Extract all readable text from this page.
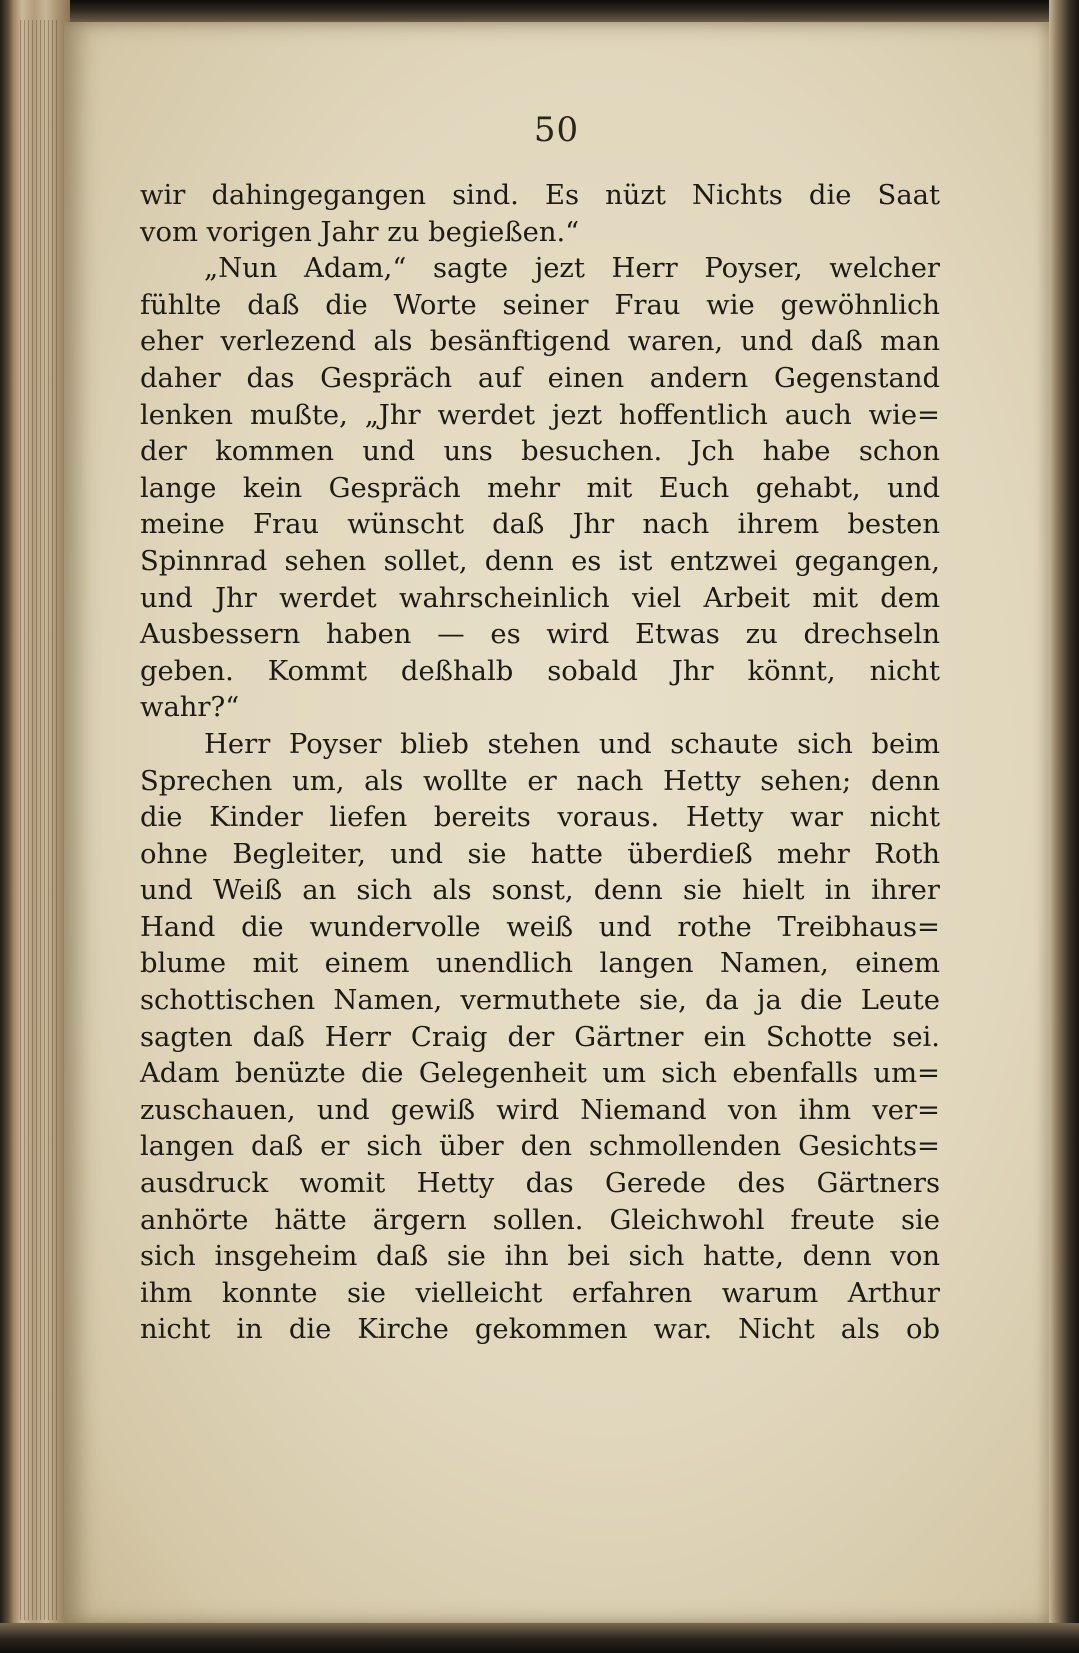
50
wir dahingegangen sind. Es nüzt Nichts die Saat
vom vorigen Jahr zu begießen.“
„Nun Adam,“ sagte jezt Herr Poyser, welcher
fühlte daß die Worte seiner Frau wie gewöhnlich
eher verlezend als besänftigend waren, und daß man
daher das Gespräch auf einen andern Gegenstand
lenken mußte, „Jhr werdet jezt hoffentlich auch wie=
der kommen und uns besuchen. Jch habe schon
lange kein Gespräch mehr mit Euch gehabt, und
meine Frau wünscht daß Jhr nach ihrem besten
Spinnrad sehen sollet, denn es ist entzwei gegangen,
und Jhr werdet wahrscheinlich viel Arbeit mit dem
Ausbessern haben — es wird Etwas zu drechseln
geben. Kommt deßhalb sobald Jhr könnt, nicht
wahr?“
Herr Poyser blieb stehen und schaute sich beim
Sprechen um, als wollte er nach Hetty sehen; denn
die Kinder liefen bereits voraus. Hetty war nicht
ohne Begleiter, und sie hatte überdieß mehr Roth
und Weiß an sich als sonst, denn sie hielt in ihrer
Hand die wundervolle weiß und rothe Treibhaus=
blume mit einem unendlich langen Namen, einem
schottischen Namen, vermuthete sie, da ja die Leute
sagten daß Herr Craig der Gärtner ein Schotte sei.
Adam benüzte die Gelegenheit um sich ebenfalls um=
zuschauen, und gewiß wird Niemand von ihm ver=
langen daß er sich über den schmollenden Gesichts=
ausdruck womit Hetty das Gerede des Gärtners
anhörte hätte ärgern sollen. Gleichwohl freute sie
sich insgeheim daß sie ihn bei sich hatte, denn von
ihm konnte sie vielleicht erfahren warum Arthur
nicht in die Kirche gekommen war. Nicht als ob
